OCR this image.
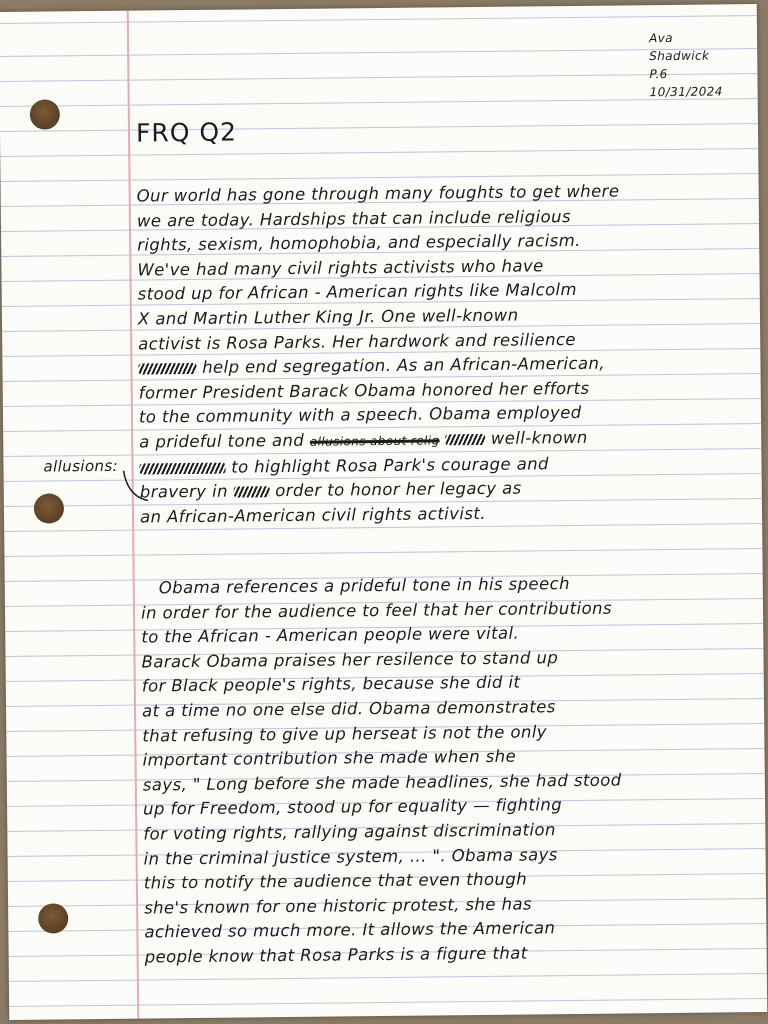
Ava
Shadwick
P.6
10/31/2024
FRQ Q2
allusions:
Our world has gone through many foughts to get where
we are today. Hardships that can include religious
rights, sexism, homophobia, and especially racism.
We've had many civil rights activists who have
stood up for African - American rights like Malcolm
X and Martin Luther King Jr. One well-known
activist is Rosa Parks. Her hardwork and resilience
help end segregation. As an African-American,
former President Barack Obama honored her efforts
to the community with a speech. Obama employed
a prideful tone and allusions about relig	well-known
to highlight Rosa Park's courage and
bravery in	order to honor her legacy as
an African-American civil rights activist.
Obama references a prideful tone in his speech
in order for the audience to feel that her contributions
to the African - American people were vital.
Barack Obama praises her resilence to stand up
for Black people's rights, because she did it
at a time no one else did. Obama demonstrates
that refusing to give up herseat is not the only
important contribution she made when she
says, " Long before she made headlines, she had stood
up for Freedom, stood up for equality — fighting
for voting rights, rallying against discrimination
in the criminal justice system, ... ". Obama says
this to notify the audience that even though
she's known for one historic protest, she has
achieved so much more. It allows the American
people know that Rosa Parks is a figure that
